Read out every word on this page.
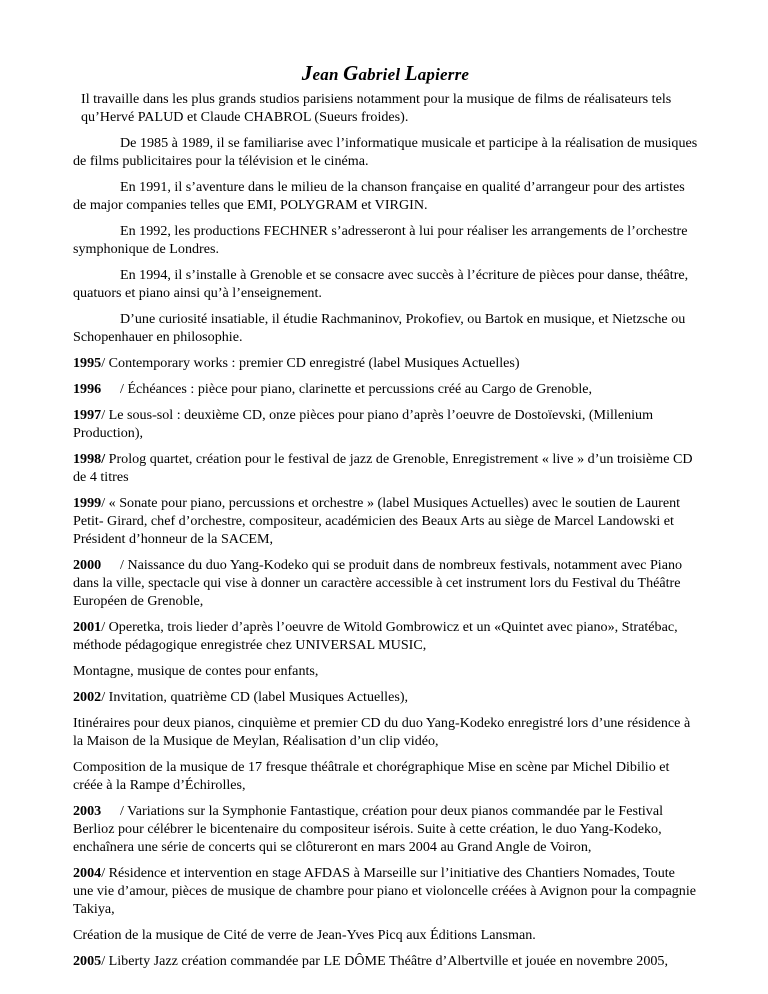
Jean Gabriel Lapierre

Il travaille dans les plus grands studios parisiens notamment pour la musique de films de réalisateurs tels qu’Hervé PALUD et Claude CHABROL (Sueurs froides).

De 1985 à 1989, il se familiarise avec l’informatique musicale et participe à la réalisation de musiques de films publicitaires pour la télévision et le cinéma.

En 1991, il s’aventure dans le milieu de la chanson française en qualité d’arrangeur pour des artistes de major companies telles que EMI, POLYGRAM et VIRGIN.

En 1992, les productions FECHNER s’adresseront à lui pour réaliser les arrangements de l’orchestre symphonique de Londres.

En 1994, il s’installe à Grenoble et se consacre avec succès à l’écriture de pièces pour danse, théâtre, quatuors et piano ainsi qu’à l’enseignement.

D’une curiosité insatiable, il étudie Rachmaninov, Prokofiev, ou Bartok en musique, et Nietzsche ou Schopenhauer en philosophie.

1995/ Contemporary works : premier CD enregistré (label Musiques Actuelles)

1996 / Échéances : pièce pour piano, clarinette et percussions créé au Cargo de Grenoble,

1997/ Le sous-sol : deuxième CD, onze pièces pour piano d’après l’oeuvre de Dostoïevski, (Millenium Production),

1998/ Prolog quartet, création pour le festival de jazz de Grenoble, Enregistrement « live » d’un troisième CD de 4 titres

1999/ « Sonate pour piano, percussions et orchestre » (label Musiques Actuelles) avec le soutien de Laurent Petit- Girard, chef d’orchestre, compositeur, académicien des Beaux Arts au siège de Marcel Landowski et Président d’honneur de la SACEM,

2000 / Naissance du duo Yang-Kodeko qui se produit dans de nombreux festivals, notamment avec Piano dans la ville, spectacle qui vise à donner un caractère accessible à cet instrument lors du Festival du Théâtre Européen de Grenoble,

2001/ Operetka, trois lieder d’après l’oeuvre de Witold Gombrowicz et un «Quintet avec piano», Stratébac, méthode pédagogique enregistrée chez UNIVERSAL MUSIC,

Montagne, musique de contes pour enfants,

2002/ Invitation, quatrième CD (label Musiques Actuelles),

Itinéraires pour deux pianos, cinquième et premier CD du duo Yang-Kodeko enregistré lors d’une résidence à la Maison de la Musique de Meylan, Réalisation d’un clip vidéo,

Composition de la musique de 17 fresque théâtrale et chorégraphique Mise en scène par Michel Dibilio et créée à la Rampe d’Échirolles,

2003 / Variations sur la Symphonie Fantastique, création pour deux pianos commandée par le Festival Berlioz pour célébrer le bicentenaire du compositeur isérois. Suite à cette création, le duo Yang-Kodeko, enchaînera une série de concerts qui se clôtureront en mars 2004 au Grand Angle de Voiron,

2004/ Résidence et intervention en stage AFDAS à Marseille sur l’initiative des Chantiers Nomades, Toute une vie d’amour, pièces de musique de chambre pour piano et violoncelle créées à Avignon pour la compagnie Takiya,

Création de la musique de Cité de verre de Jean-Yves Picq aux Éditions Lansman.

2005/ Liberty Jazz création commandée par LE DÔME Théâtre d’Albertville et jouée en novembre 2005,
